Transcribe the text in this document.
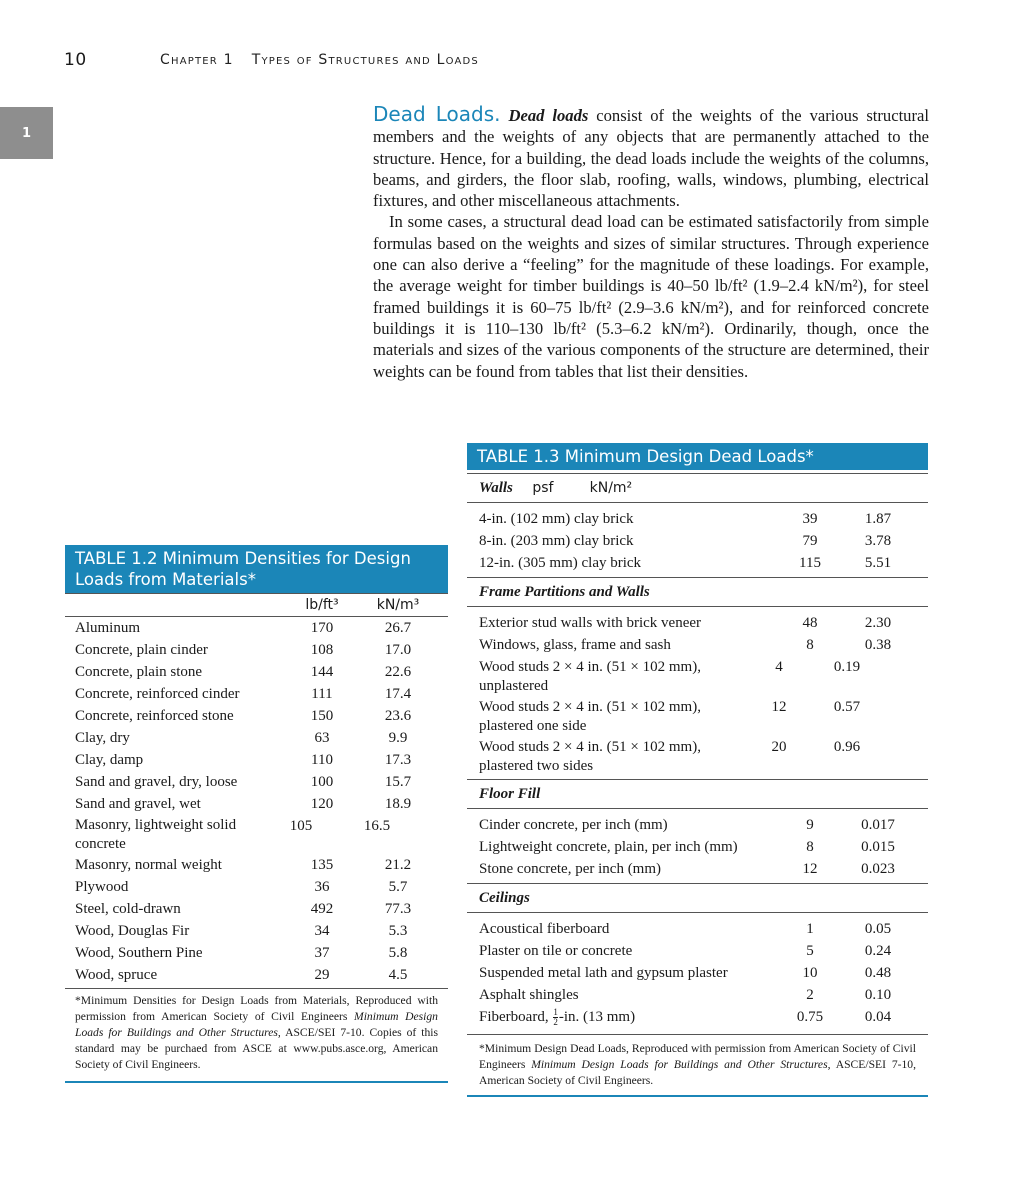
10	Chapter 1 Types of Structures and Loads
1

Dead Loads. Dead loads consist of the weights of the various structural members and the weights of any objects that are permanently attached to the structure. Hence, for a building, the dead loads include the weights of the columns, beams, and girders, the floor slab, roofing, walls, windows, plumbing, electrical fixtures, and other miscellaneous attachments.

In some cases, a structural dead load can be estimated satisfactorily from simple formulas based on the weights and sizes of similar structures. Through experience one can also derive a “feeling” for the magnitude of these loadings. For example, the average weight for timber buildings is 40–50 lb/ft² (1.9–2.4 kN/m²), for steel framed buildings it is 60–75 lb/ft² (2.9–3.6 kN/m²), and for reinforced concrete buildings it is 110–130 lb/ft² (5.3–6.2 kN/m²). Ordinarily, though, once the materials and sizes of the various components of the structure are determined, their weights can be found from tables that list their densities.

TABLE 1.2 Minimum Densities for Design Loads from Materials*
lb/ft³	kN/m³
Aluminum	170	26.7
Concrete, plain cinder	108	17.0
Concrete, plain stone	144	22.6
Concrete, reinforced cinder	111	17.4
Concrete, reinforced stone	150	23.6
Clay, dry	63	9.9
Clay, damp	110	17.3
Sand and gravel, dry, loose	100	15.7
Sand and gravel, wet	120	18.9
Masonry, lightweight solid concrete
105	16.5
Masonry, normal weight	135	21.2
Plywood	36	5.7
Steel, cold-drawn	492	77.3
Wood, Douglas Fir	34	5.3
Wood, Southern Pine	37	5.8
Wood, spruce	29	4.5
*Minimum Densities for Design Loads from Materials, Reproduced with permission from American Society of Civil Engineers Minimum Design Loads for Buildings and Other Structures, ASCE/SEI 7-10. Copies of this standard may be purchaed from ASCE at www.pubs.asce.org, American Society of Civil Engineers.
TABLE 1.3 Minimum Design Dead Loads*
Walls	psf	kN/m²
4-in. (102 mm) clay brick	39	1.87
8-in. (203 mm) clay brick	79	3.78
12-in. (305 mm) clay brick	115	5.51
Frame Partitions and Walls
Exterior stud walls with brick veneer	48	2.30
Windows, glass, frame and sash	8	0.38
Wood studs 2 × 4 in. (51 × 102 mm), unplastered
4	0.19
Wood studs 2 × 4 in. (51 × 102 mm), plastered one side
12	0.57
Wood studs 2 × 4 in. (51 × 102 mm), plastered two sides
20	0.96
Floor Fill
Cinder concrete, per inch (mm)	9	0.017
Lightweight concrete, plain, per inch (mm)	8	0.015
Stone concrete, per inch (mm)	12	0.023
Ceilings
Acoustical fiberboard	1	0.05
Plaster on tile or concrete	5	0.24
Suspended metal lath and gypsum plaster	10	0.48
Asphalt shingles	2	0.10
Fiberboard, $\frac{1}{2} -in$. (13 mm)	0.75	0.04
*Minimum Design Dead Loads, Reproduced with permission from American Society of Civil Engineers Minimum Design Loads for Buildings and Other Structures, ASCE/SEI 7-10, American Society of Civil Engineers.
